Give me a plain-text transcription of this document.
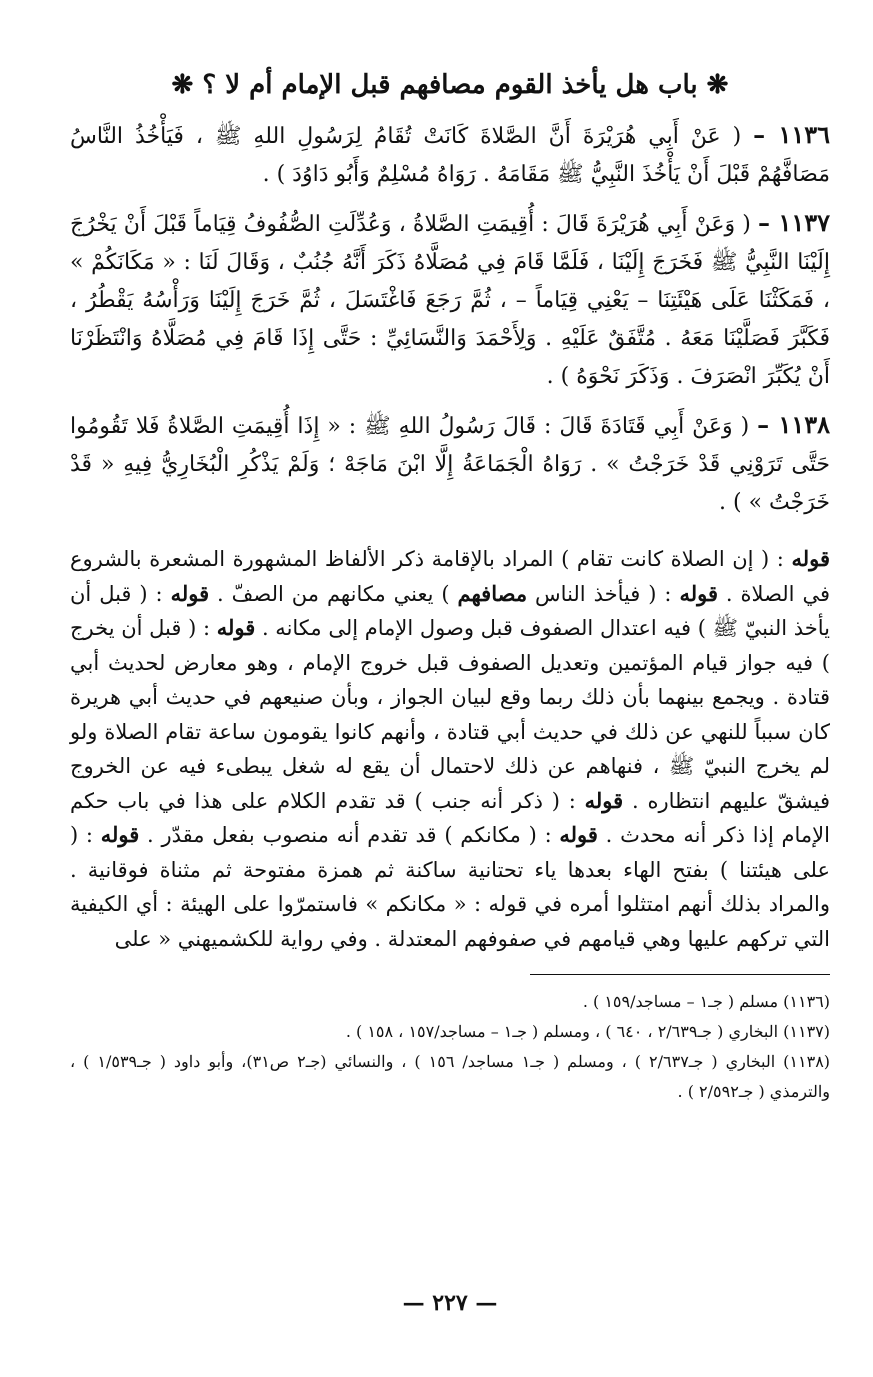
❋ باب هل يأخذ القوم مصافهم قبل الإمام أم لا ؟ ❋
١١٣٦ – ( عَنْ أَبِي هُرَيْرَةَ أَنَّ الصَّلاةَ كَانَتْ تُقَامُ لِرَسُولِ اللهِ ﷺ ، فَيَأْخُذُ النَّاسُ مَصَافَّهُمْ قَبْلَ أَنْ يَأْخُذَ النَّبِيُّ ﷺ مَقَامَهُ . رَوَاهُ مُسْلِمٌ وَأَبُو دَاوُدَ ) .
١١٣٧ – ( وَعَنْ أَبِي هُرَيْرَةَ قَالَ : أُقِيمَتِ الصَّلاةُ ، وَعُدِّلَتِ الصُّفُوفُ قِيَاماً قَبْلَ أَنْ يَخْرُجَ إِلَيْنَا النَّبِيُّ ﷺ فَخَرَجَ إِلَيْنَا ، فَلَمَّا قَامَ فِي مُصَلَّاهُ ذَكَرَ أَنَّهُ جُنُبٌ ، وَقَالَ لَنَا : « مَكَانَكُمْ » ، فَمَكَثْنَا عَلَى هَيْئَتِنَا – يَعْنِي قِيَاماً – ، ثُمَّ رَجَعَ فَاغْتَسَلَ ، ثُمَّ خَرَجَ إِلَيْنَا وَرَأْسُهُ يَقْطُرُ ، فَكَبَّرَ فَصَلَّيْنَا مَعَهُ . مُتَّفَقٌ عَلَيْهِ . وَلِأَحْمَدَ وَالنَّسَائِيِّ : حَتَّى إِذَا قَامَ فِي مُصَلَّاهُ وَانْتَظَرْنَا أَنْ يُكَبِّرَ انْصَرَفَ . وَذَكَرَ نَحْوَهُ ) .
١١٣٨ – ( وَعَنْ أَبِي قَتَادَةَ قَالَ : قَالَ رَسُولُ اللهِ ﷺ : « إِذَا أُقِيمَتِ الصَّلاةُ فَلا تَقُومُوا حَتَّى تَرَوْنِي قَدْ خَرَجْتُ » . رَوَاهُ الْجَمَاعَةُ إِلَّا ابْنَ مَاجَهْ ؛ وَلَمْ يَذْكُرِ الْبُخَارِيُّ فِيهِ « قَدْ خَرَجْتُ » ) .
قوله : ( إن الصلاة كانت تقام ) المراد بالإقامة ذكر الألفاظ المشهورة المشعرة بالشروع في الصلاة . قوله : ( فيأخذ الناس مصافهم ) يعني مكانهم من الصفّ . قوله : ( قبل أن يأخذ النبيّ ﷺ ) فيه اعتدال الصفوف قبل وصول الإمام إلى مكانه . قوله : ( قبل أن يخرج ) فيه جواز قيام المؤتمين وتعديل الصفوف قبل خروج الإمام ، وهو معارض لحديث أبي قتادة . ويجمع بينهما بأن ذلك ربما وقع لبيان الجواز ، وبأن صنيعهم في حديث أبي هريرة كان سبباً للنهي عن ذلك في حديث أبي قتادة ، وأنهم كانوا يقومون ساعة تقام الصلاة ولو لم يخرج النبيّ ﷺ ، فنهاهم عن ذلك لاحتمال أن يقع له شغل يبطىء فيه عن الخروج فيشقّ عليهم انتظاره . قوله : ( ذكر أنه جنب ) قد تقدم الكلام على هذا في باب حكم الإمام إذا ذكر أنه محدث . قوله : ( مكانكم ) قد تقدم أنه منصوب بفعل مقدّر . قوله : ( على هيئتنا ) بفتح الهاء بعدها ياء تحتانية ساكنة ثم همزة مفتوحة ثم مثناة فوقانية . والمراد بذلك أنهم امتثلوا أمره في قوله : « مكانكم » فاستمرّوا على الهيئة : أي الكيفية التي تركهم عليها وهي قيامهم في صفوفهم المعتدلة . وفي رواية للكشميهني « على
(١١٣٦) مسلم ( جـ١ – مساجد/١٥٩ ) .
(١١٣٧) البخاري ( جـ٢/٦٣٩ ، ٦٤٠ ) ، ومسلم ( جـ١ – مساجد/١٥٧ ، ١٥٨ ) .
(١١٣٨) البخاري ( جـ٢/٦٣٧ ) ، ومسلم ( جـ١ مساجد/ ١٥٦ ) ، والنسائي (جـ٢ ص٣١)، وأبو داود ( جـ١/٥٣٩ ) ، والترمذي ( جـ٢/٥٩٢ ) .
— ٢٢٧ —
